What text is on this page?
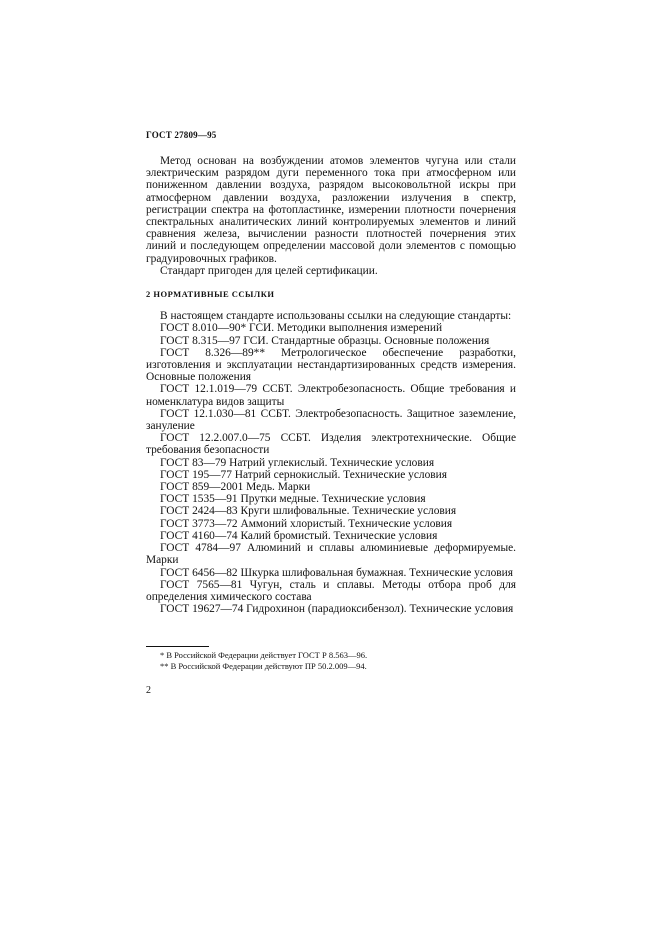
ГОСТ 27809—95

Метод основан на возбуждении атомов элементов чугуна или стали электрическим разрядом дуги переменного тока при атмосферном или пониженном давлении воздуха, разрядом высоковольтной искры при атмосферном давлении воздуха, разложении излучения в спектр, регистрации спектра на фотопластинке, измерении плотности почернения спектральных аналитических линий контролируемых элементов и линий сравнения железа, вычислении разности плотностей почернения этих линий и последующем определении массовой доли элементов с помощью градуировочных графиков.

Стандарт пригоден для целей сертификации.

2 НОРМАТИВНЫЕ ССЫЛКИ

В настоящем стандарте использованы ссылки на следующие стандарты:

ГОСТ 8.010—90* ГСИ. Методики выполнения измерений
ГОСТ 8.315—97 ГСИ. Стандартные образцы. Основные положения
ГОСТ 8.326—89** Метрологическое обеспечение разработки, изготовления и эксплуатации нестандартизированных средств измерения. Основные положения
ГОСТ 12.1.019—79 ССБТ. Электробезопасность. Общие требования и номенклатура видов защиты
ГОСТ 12.1.030—81 ССБТ. Электробезопасность. Защитное заземление, зануление
ГОСТ 12.2.007.0—75 ССБТ. Изделия электротехнические. Общие требования безопасности
ГОСТ 83—79 Натрий углекислый. Технические условия
ГОСТ 195—77 Натрий сернокислый. Технические условия
ГОСТ 859—2001 Медь. Марки
ГОСТ 1535—91 Прутки медные. Технические условия
ГОСТ 2424—83 Круги шлифовальные. Технические условия
ГОСТ 3773—72 Аммоний хлористый. Технические условия
ГОСТ 4160—74 Калий бромистый. Технические условия
ГОСТ 4784—97 Алюминий и сплавы алюминиевые деформируемые. Марки
ГОСТ 6456—82 Шкурка шлифовальная бумажная. Технические условия
ГОСТ 7565—81 Чугун, сталь и сплавы. Методы отбора проб для определения химического состава
ГОСТ 19627—74 Гидрохинон (парадиоксибензол). Технические условия
* В Российской Федерации действует ГОСТ Р 8.563—96.
** В Российской Федерации действуют ПР 50.2.009—94.
2
